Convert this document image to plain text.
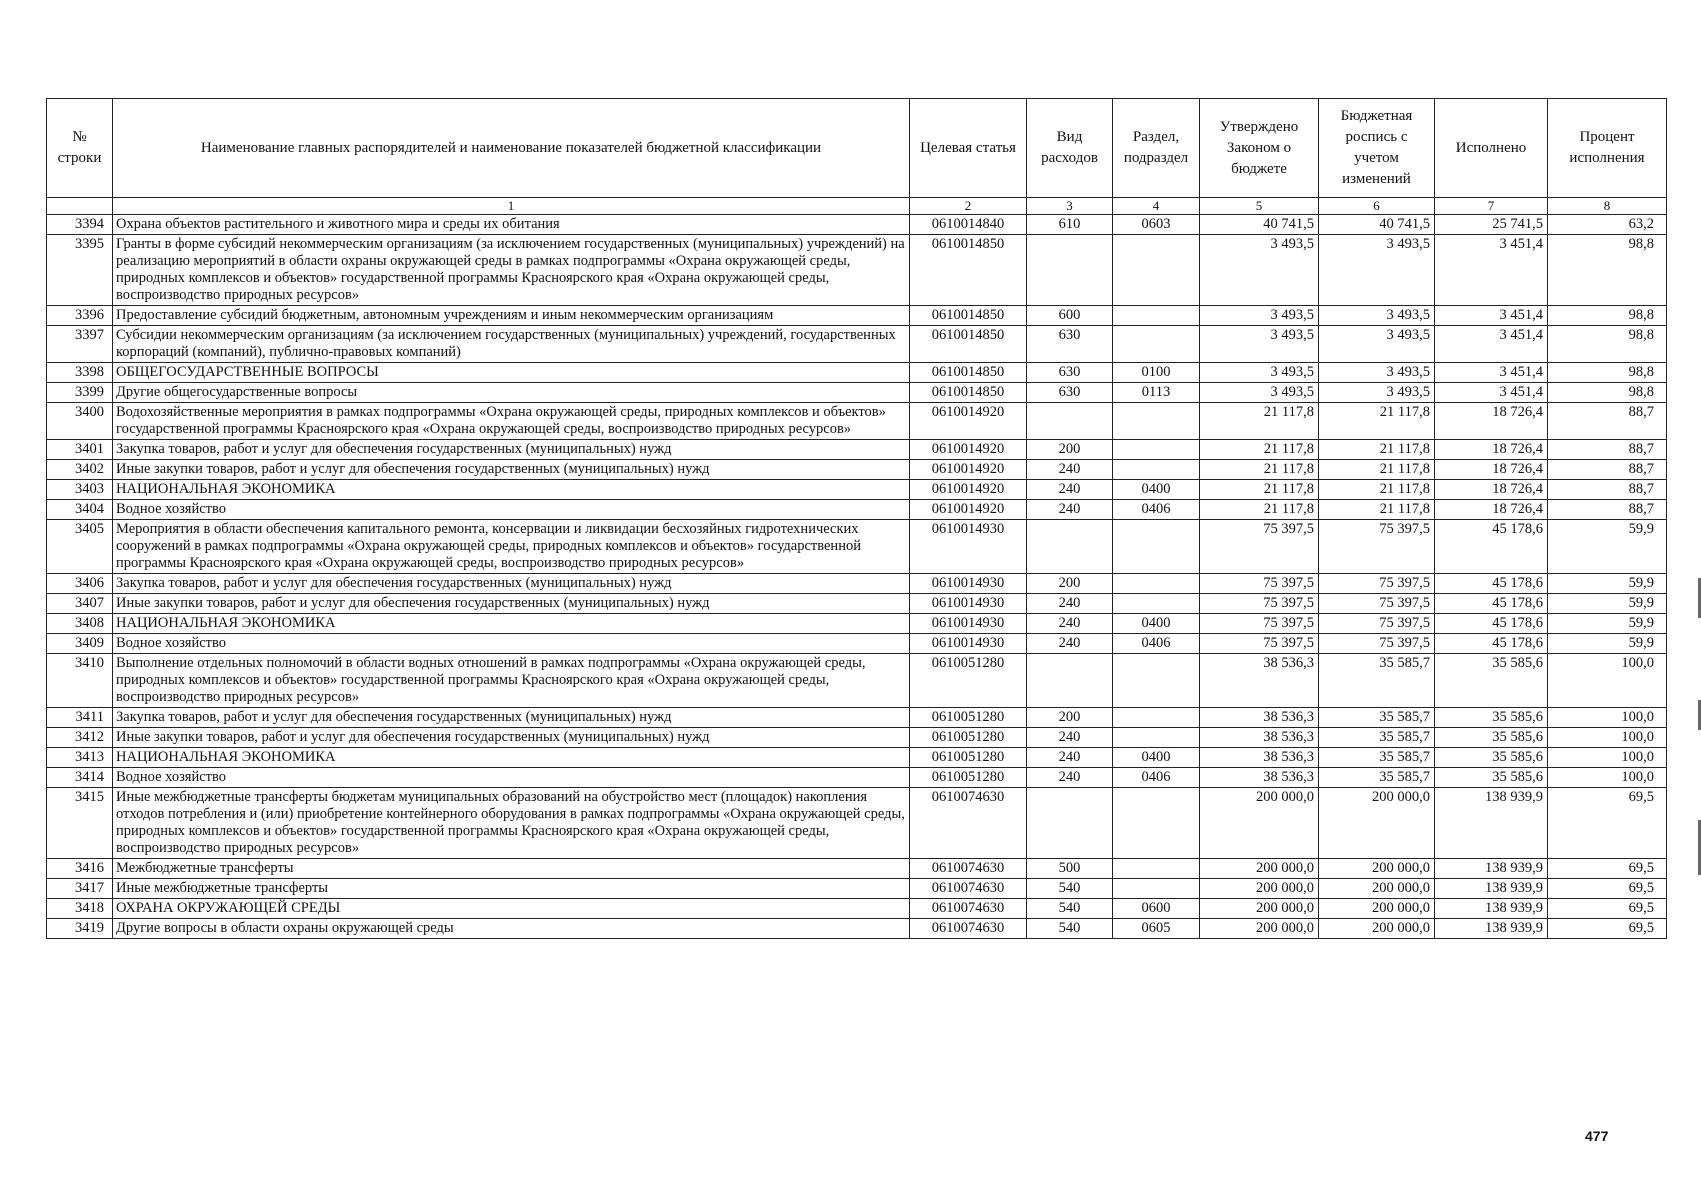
№ строки	Наименование главных распорядителей и наименование показателей бюджетной классификации	Целевая статья	Вид расходов	Раздел, подраздел	Утверждено Законом о бюджете	Бюджетная роспись с учетом изменений	Исполнено	Процент исполнения
	1	2	3	4	5	6	7	8
3394	Охрана объектов растительного и животного мира и среды их обитания	0610014840	610	0603	40 741,5	40 741,5	25 741,5	63,2
3395	Гранты в форме субсидий некоммерческим организациям (за исключением государственных (муниципальных) учреждений) на реализацию мероприятий в области охраны окружающей среды в рамках подпрограммы «Охрана окружающей среды, природных комплексов и объектов» государственной программы Красноярского края «Охрана окружающей среды, воспроизводство природных ресурсов»	0610014850			3 493,5	3 493,5	3 451,4	98,8
3396	Предоставление субсидий бюджетным, автономным учреждениям и иным некоммерческим организациям	0610014850	600		3 493,5	3 493,5	3 451,4	98,8
3397	Субсидии некоммерческим организациям (за исключением государственных (муниципальных) учреждений, государственных корпораций (компаний), публично-правовых компаний)	0610014850	630		3 493,5	3 493,5	3 451,4	98,8
3398	ОБЩЕГОСУДАРСТВЕННЫЕ ВОПРОСЫ	0610014850	630	0100	3 493,5	3 493,5	3 451,4	98,8
3399	Другие общегосударственные вопросы	0610014850	630	0113	3 493,5	3 493,5	3 451,4	98,8
3400	Водохозяйственные мероприятия в рамках подпрограммы «Охрана окружающей среды, природных комплексов и объектов» государственной программы Красноярского края «Охрана окружающей среды, воспроизводство природных ресурсов»	0610014920			21 117,8	21 117,8	18 726,4	88,7
3401	Закупка товаров, работ и услуг для обеспечения государственных (муниципальных) нужд	0610014920	200		21 117,8	21 117,8	18 726,4	88,7
3402	Иные закупки товаров, работ и услуг для обеспечения государственных (муниципальных) нужд	0610014920	240		21 117,8	21 117,8	18 726,4	88,7
3403	НАЦИОНАЛЬНАЯ ЭКОНОМИКА	0610014920	240	0400	21 117,8	21 117,8	18 726,4	88,7
3404	Водное хозяйство	0610014920	240	0406	21 117,8	21 117,8	18 726,4	88,7
3405	Мероприятия в области обеспечения капитального ремонта, консервации и ликвидации бесхозяйных гидротехнических сооружений в рамках подпрограммы «Охрана окружающей среды, природных комплексов и объектов» государственной программы Красноярского края «Охрана окружающей среды, воспроизводство природных ресурсов»	0610014930			75 397,5	75 397,5	45 178,6	59,9
3406	Закупка товаров, работ и услуг для обеспечения государственных (муниципальных) нужд	0610014930	200		75 397,5	75 397,5	45 178,6	59,9
3407	Иные закупки товаров, работ и услуг для обеспечения государственных (муниципальных) нужд	0610014930	240		75 397,5	75 397,5	45 178,6	59,9
3408	НАЦИОНАЛЬНАЯ ЭКОНОМИКА	0610014930	240	0400	75 397,5	75 397,5	45 178,6	59,9
3409	Водное хозяйство	0610014930	240	0406	75 397,5	75 397,5	45 178,6	59,9
3410	Выполнение отдельных полномочий в области водных отношений в рамках подпрограммы «Охрана окружающей среды, природных комплексов и объектов» государственной программы Красноярского края «Охрана окружающей среды, воспроизводство природных ресурсов»	0610051280			38 536,3	35 585,7	35 585,6	100,0
3411	Закупка товаров, работ и услуг для обеспечения государственных (муниципальных) нужд	0610051280	200		38 536,3	35 585,7	35 585,6	100,0
3412	Иные закупки товаров, работ и услуг для обеспечения государственных (муниципальных) нужд	0610051280	240		38 536,3	35 585,7	35 585,6	100,0
3413	НАЦИОНАЛЬНАЯ ЭКОНОМИКА	0610051280	240	0400	38 536,3	35 585,7	35 585,6	100,0
3414	Водное хозяйство	0610051280	240	0406	38 536,3	35 585,7	35 585,6	100,0
3415	Иные межбюджетные трансферты бюджетам муниципальных образований на обустройство мест (площадок) накопления отходов потребления и (или) приобретение контейнерного оборудования в рамках подпрограммы «Охрана окружающей среды, природных комплексов и объектов» государственной программы Красноярского края «Охрана окружающей среды, воспроизводство природных ресурсов»	0610074630			200 000,0	200 000,0	138 939,9	69,5
3416	Межбюджетные трансферты	0610074630	500		200 000,0	200 000,0	138 939,9	69,5
3417	Иные межбюджетные трансферты	0610074630	540		200 000,0	200 000,0	138 939,9	69,5
3418	ОХРАНА ОКРУЖАЮЩЕЙ СРЕДЫ	0610074630	540	0600	200 000,0	200 000,0	138 939,9	69,5
3419	Другие вопросы в области охраны окружающей среды	0610074630	540	0605	200 000,0	200 000,0	138 939,9	69,5
477
